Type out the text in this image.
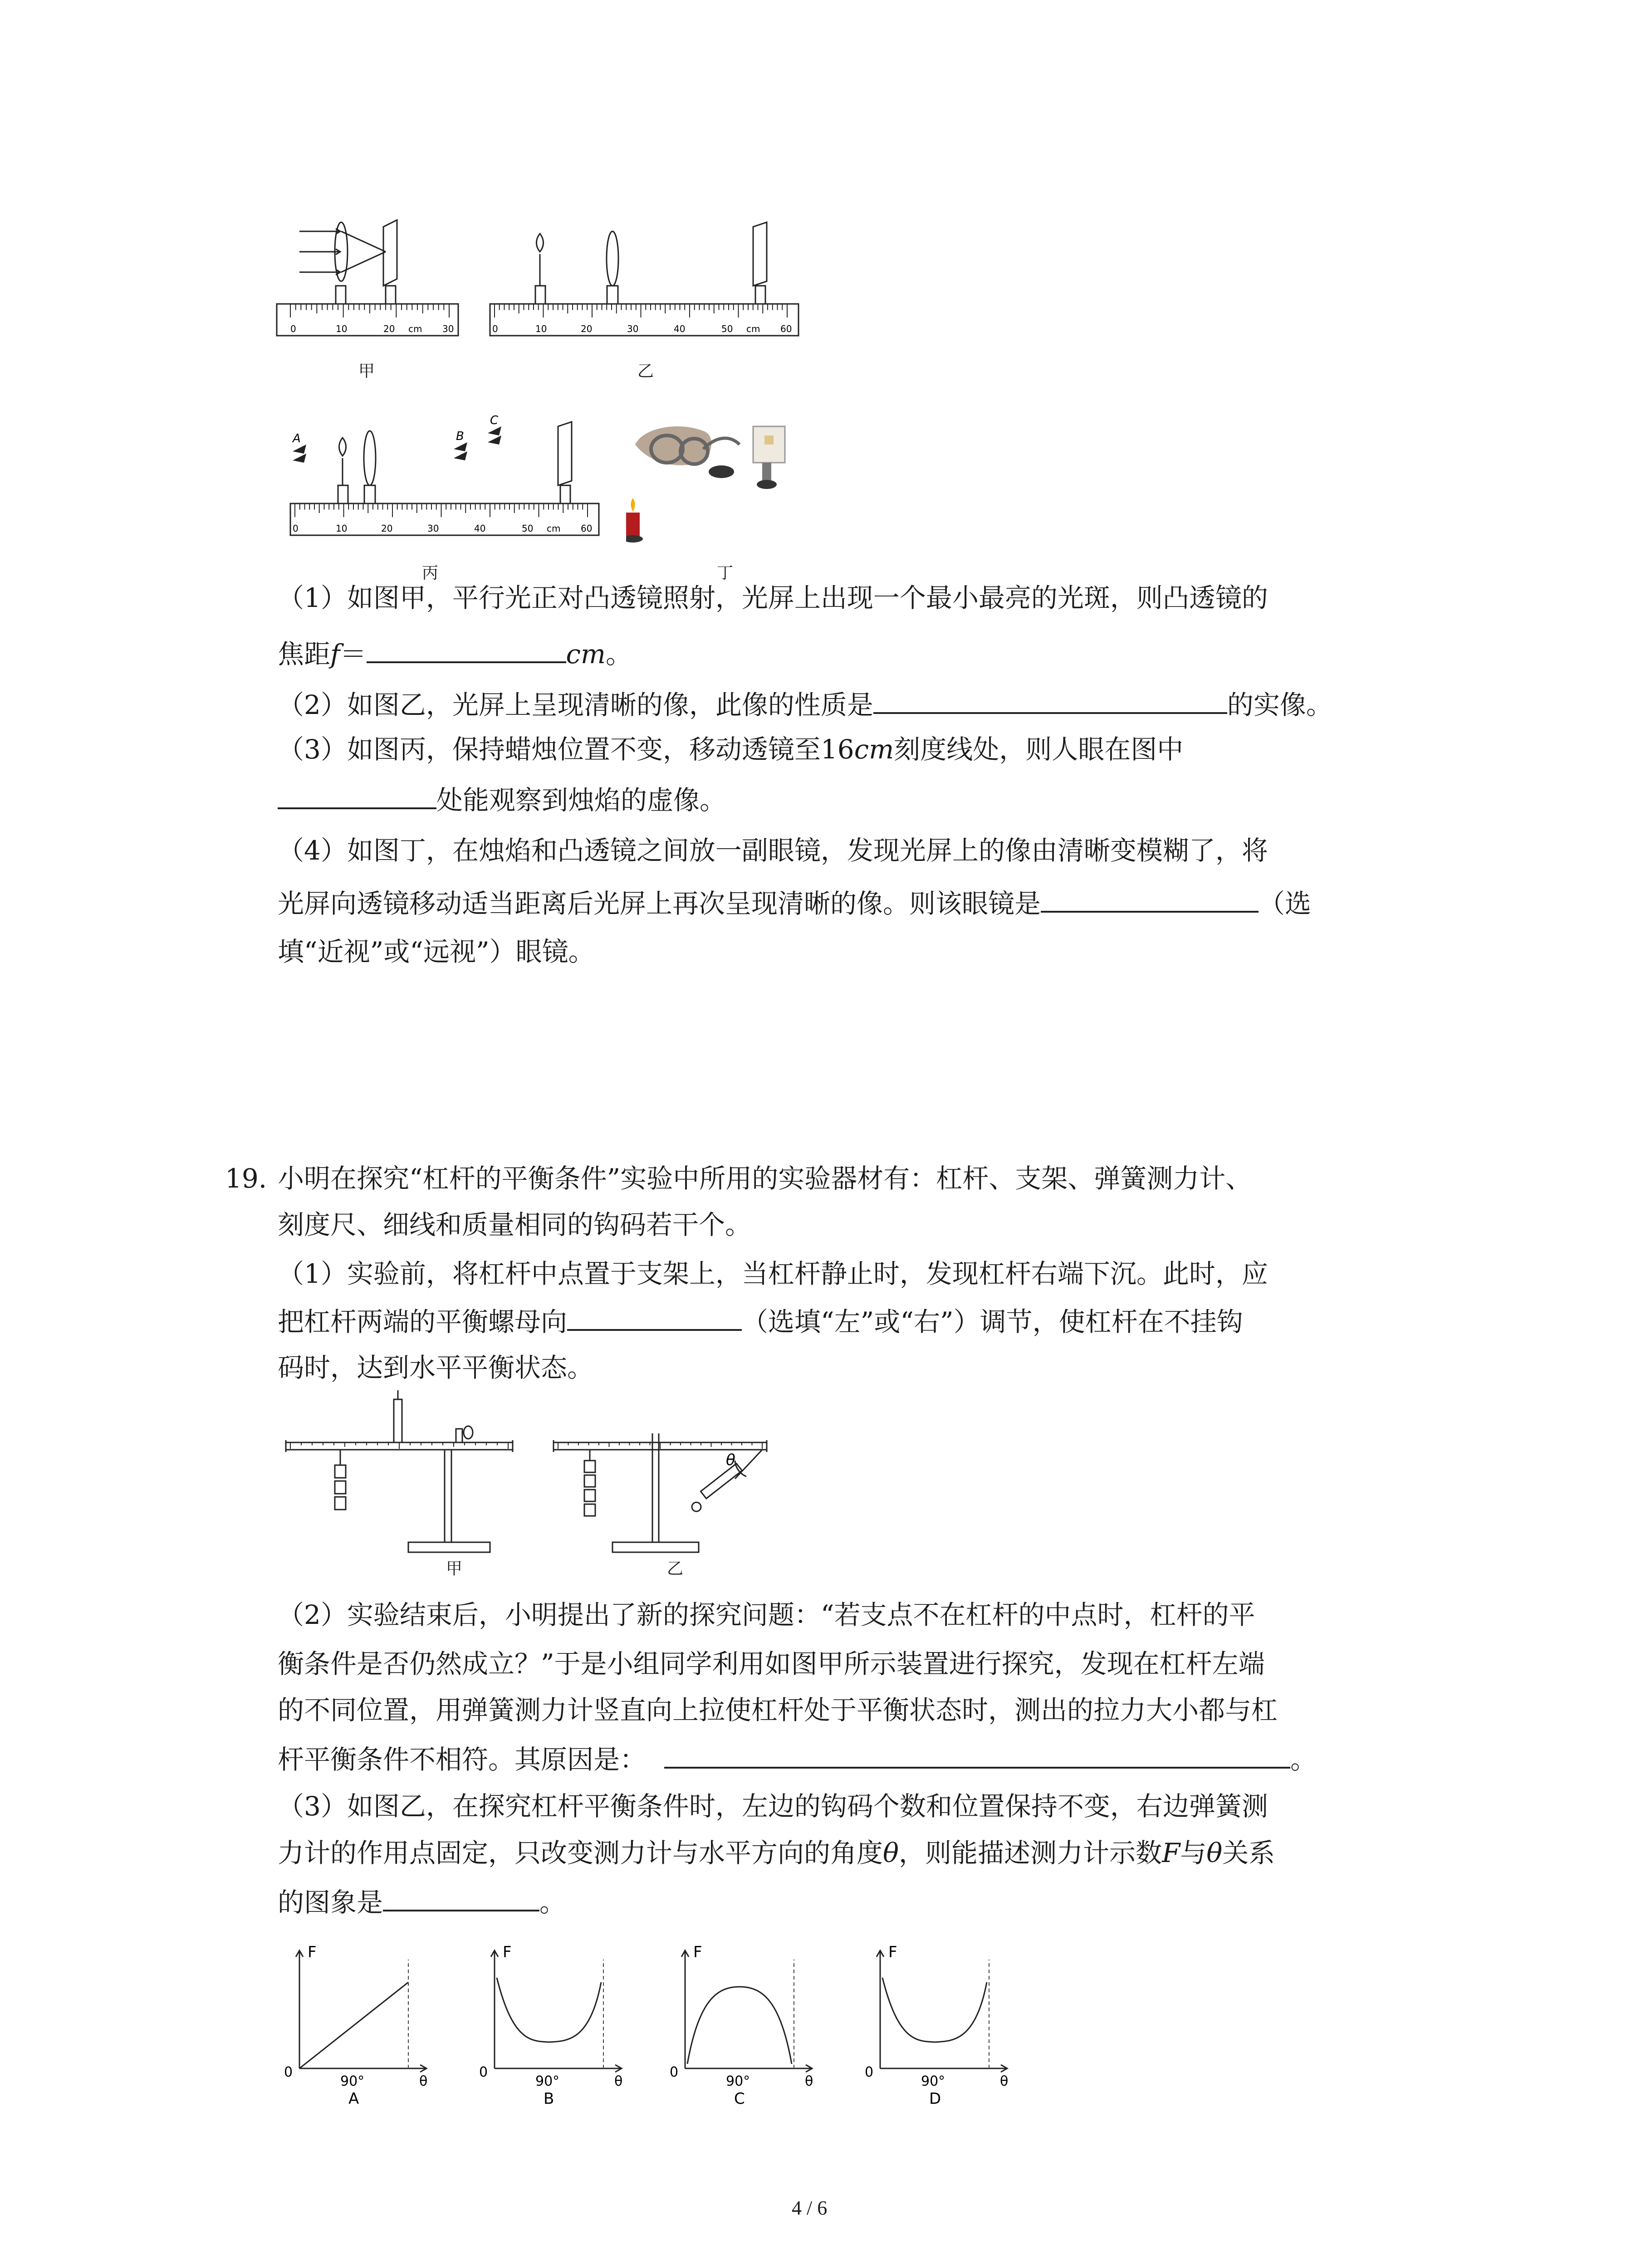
0	10	20 cm 30
甲
0	10	20	30	40	50 cm 60
乙
A	B
C
0	10	20	30	40	50 cm 60
丙	丁
（1）如图甲，平行光正对凸透镜照射，光屏上出现一个最小最亮的光斑，则凸透镜的
焦距f＝	cm。
（2）如图乙，光屏上呈现清晰的像，此像的性质是	的实像。
（3）如图丙，保持蜡烛位置不变，移动透镜至16cm刻度线处，则人眼在图中
处能观察到烛焰的虚像。
（4）如图丁，在烛焰和凸透镜之间放一副眼镜，发现光屏上的像由清晰变模糊了，将
光屏向透镜移动适当距离后光屏上再次呈现清晰的像。则该眼镜是	（选
填“近视”或“远视”）眼镜。
19. 小明在探究“杠杆的平衡条件”实验中所用的实验器材有：杠杆、支架、弹簧测力计、
刻度尺、细线和质量相同的钩码若干个。
（1）实验前，将杠杆中点置于支架上，当杠杆静止时，发现杠杆右端下沉。此时，应
把杠杆两端的平衡螺母向	（选填“左”或“右”）调节，使杠杆在不挂钩
码时，达到水平平衡状态。
甲
θ
乙
（2）实验结束后，小明提出了新的探究问题：“若支点不在杠杆的中点时，杠杆的平
衡条件是否仍然成立？”于是小组同学利用如图甲所示装置进行探究，发现在杠杆左端
的不同位置，用弹簧测力计竖直向上拉使杠杆处于平衡状态时，测出的拉力大小都与杠
杆平衡条件不相符。其原因是：	。
（3）如图乙，在探究杠杆平衡条件时，左边的钩码个数和位置保持不变，右边弹簧测
力计的作用点固定，只改变测力计与水平方向的角度θ，则能描述测力计示数F与θ关系
的图象是	。
F
0
90°	θ
A
F
0
90°	θ
B
F
0
90°	θ
C
F
0
90°	θ
D
4 / 6
